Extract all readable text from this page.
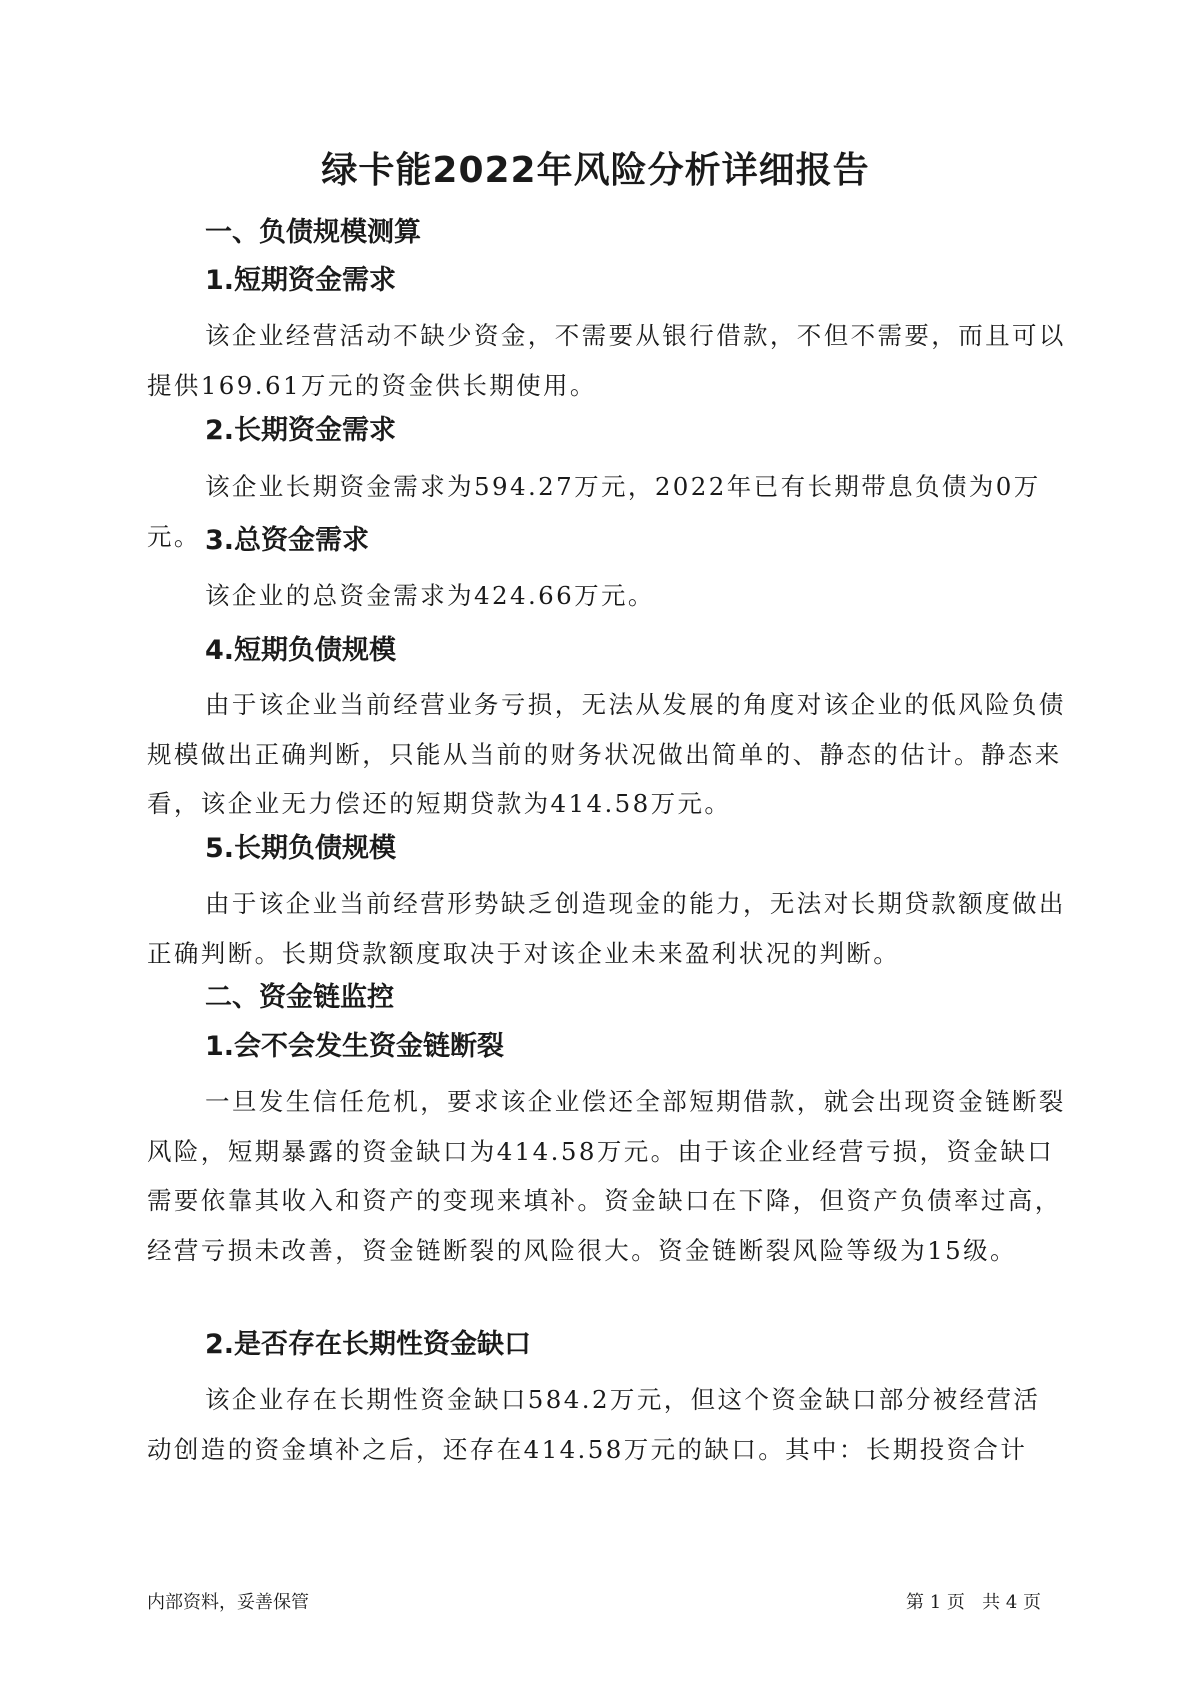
绿卡能2022年风险分析详细报告
一、负债规模测算
1.短期资金需求
该企业经营活动不缺少资金，不需要从银行借款，不但不需要，而且可以提供169.61万元的资金供长期使用。
2.长期资金需求
该企业长期资金需求为594.27万元，2022年已有长期带息负债为0万元。 3.总资金需求
该企业的总资金需求为424.66万元。
4.短期负债规模
由于该企业当前经营业务亏损，无法从发展的角度对该企业的低风险负债规模做出正确判断，只能从当前的财务状况做出简单的、静态的估计。静态来看，该企业无力偿还的短期贷款为414.58万元。
5.长期负债规模
由于该企业当前经营形势缺乏创造现金的能力，无法对长期贷款额度做出正确判断。长期贷款额度取决于对该企业未来盈利状况的判断。
二、资金链监控
1.会不会发生资金链断裂
一旦发生信任危机，要求该企业偿还全部短期借款，就会出现资金链断裂风险，短期暴露的资金缺口为414.58万元。由于该企业经营亏损，资金缺口需要依靠其收入和资产的变现来填补。资金缺口在下降，但资产负债率过高，经营亏损未改善，资金链断裂的风险很大。资金链断裂风险等级为15级。
2.是否存在长期性资金缺口
该企业存在长期性资金缺口584.2万元，但这个资金缺口部分被经营活动创造的资金填补之后，还存在414.58万元的缺口。其中：长期投资合计
内部资料，妥善保管	第 1 页   共 4 页
